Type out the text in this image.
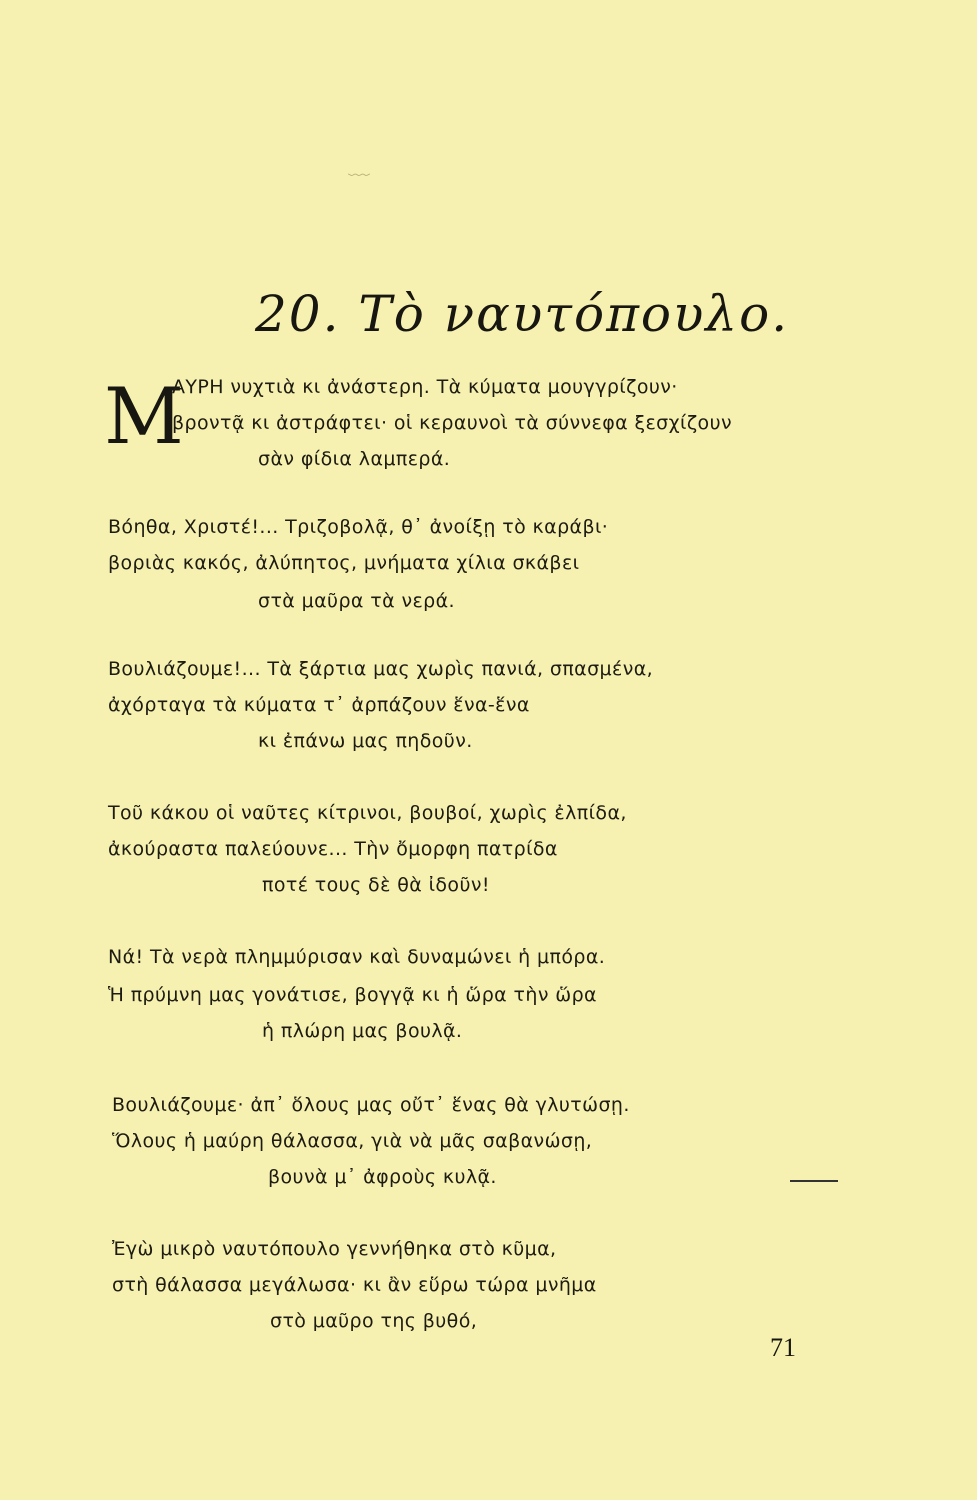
﹏
20. Τὸ ναυτόπουλο.
Μ
ΑΥΡΗ νυχτιὰ κι ἀνάστερη. Τὰ κύματα μουγγρίζουν·
βροντᾷ κι ἀστράφτει· οἱ κεραυνοὶ τὰ σύννεφα ξεσχίζουν
σὰν φίδια λαμπερά.
Βόηθα, Χριστέ!... Τριζοβολᾷ, θ᾽ ἀνοίξῃ τὸ καράβι·
βοριὰς κακός, ἀλύπητος, μνήματα χίλια σκάβει
στὰ μαῦρα τὰ νερά.
Βουλιάζουμε!... Τὰ ξάρτια μας χωρὶς πανιά, σπασμένα,
ἀχόρταγα τὰ κύματα τ᾽ ἀρπάζουν ἕνα-ἕνα
κι ἐπάνω μας πηδοῦν.
Τοῦ κάκου οἱ ναῦτες κίτρινοι, βουβοί, χωρὶς ἐλπίδα,
ἀκούραστα παλεύουνε... Τὴν ὄμορφη πατρίδα
ποτέ τους δὲ θὰ ἰδοῦν!
Νά! Τὰ νερὰ πλημμύρισαν καὶ δυναμώνει ἡ μπόρα.
Ἡ πρύμνη μας γονάτισε, βογγᾷ κι ἡ ὥρα τὴν ὥρα
ἡ πλώρη μας βουλᾷ.
Βουλιάζουμε· ἀπ᾽ ὅλους μας οὔτ᾽ ἕνας θὰ γλυτώσῃ.
Ὅλους ἡ μαύρη θάλασσα, γιὰ νὰ μᾶς σαβανώσῃ,
βουνὰ μ᾽ ἀφροὺς κυλᾷ.
Ἐγὼ μικρὸ ναυτόπουλο γεννήθηκα στὸ κῦμα,
στὴ θάλασσα μεγάλωσα· κι ἂν εὕρω τώρα μνῆμα
στὸ μαῦρο της βυθό,
71
